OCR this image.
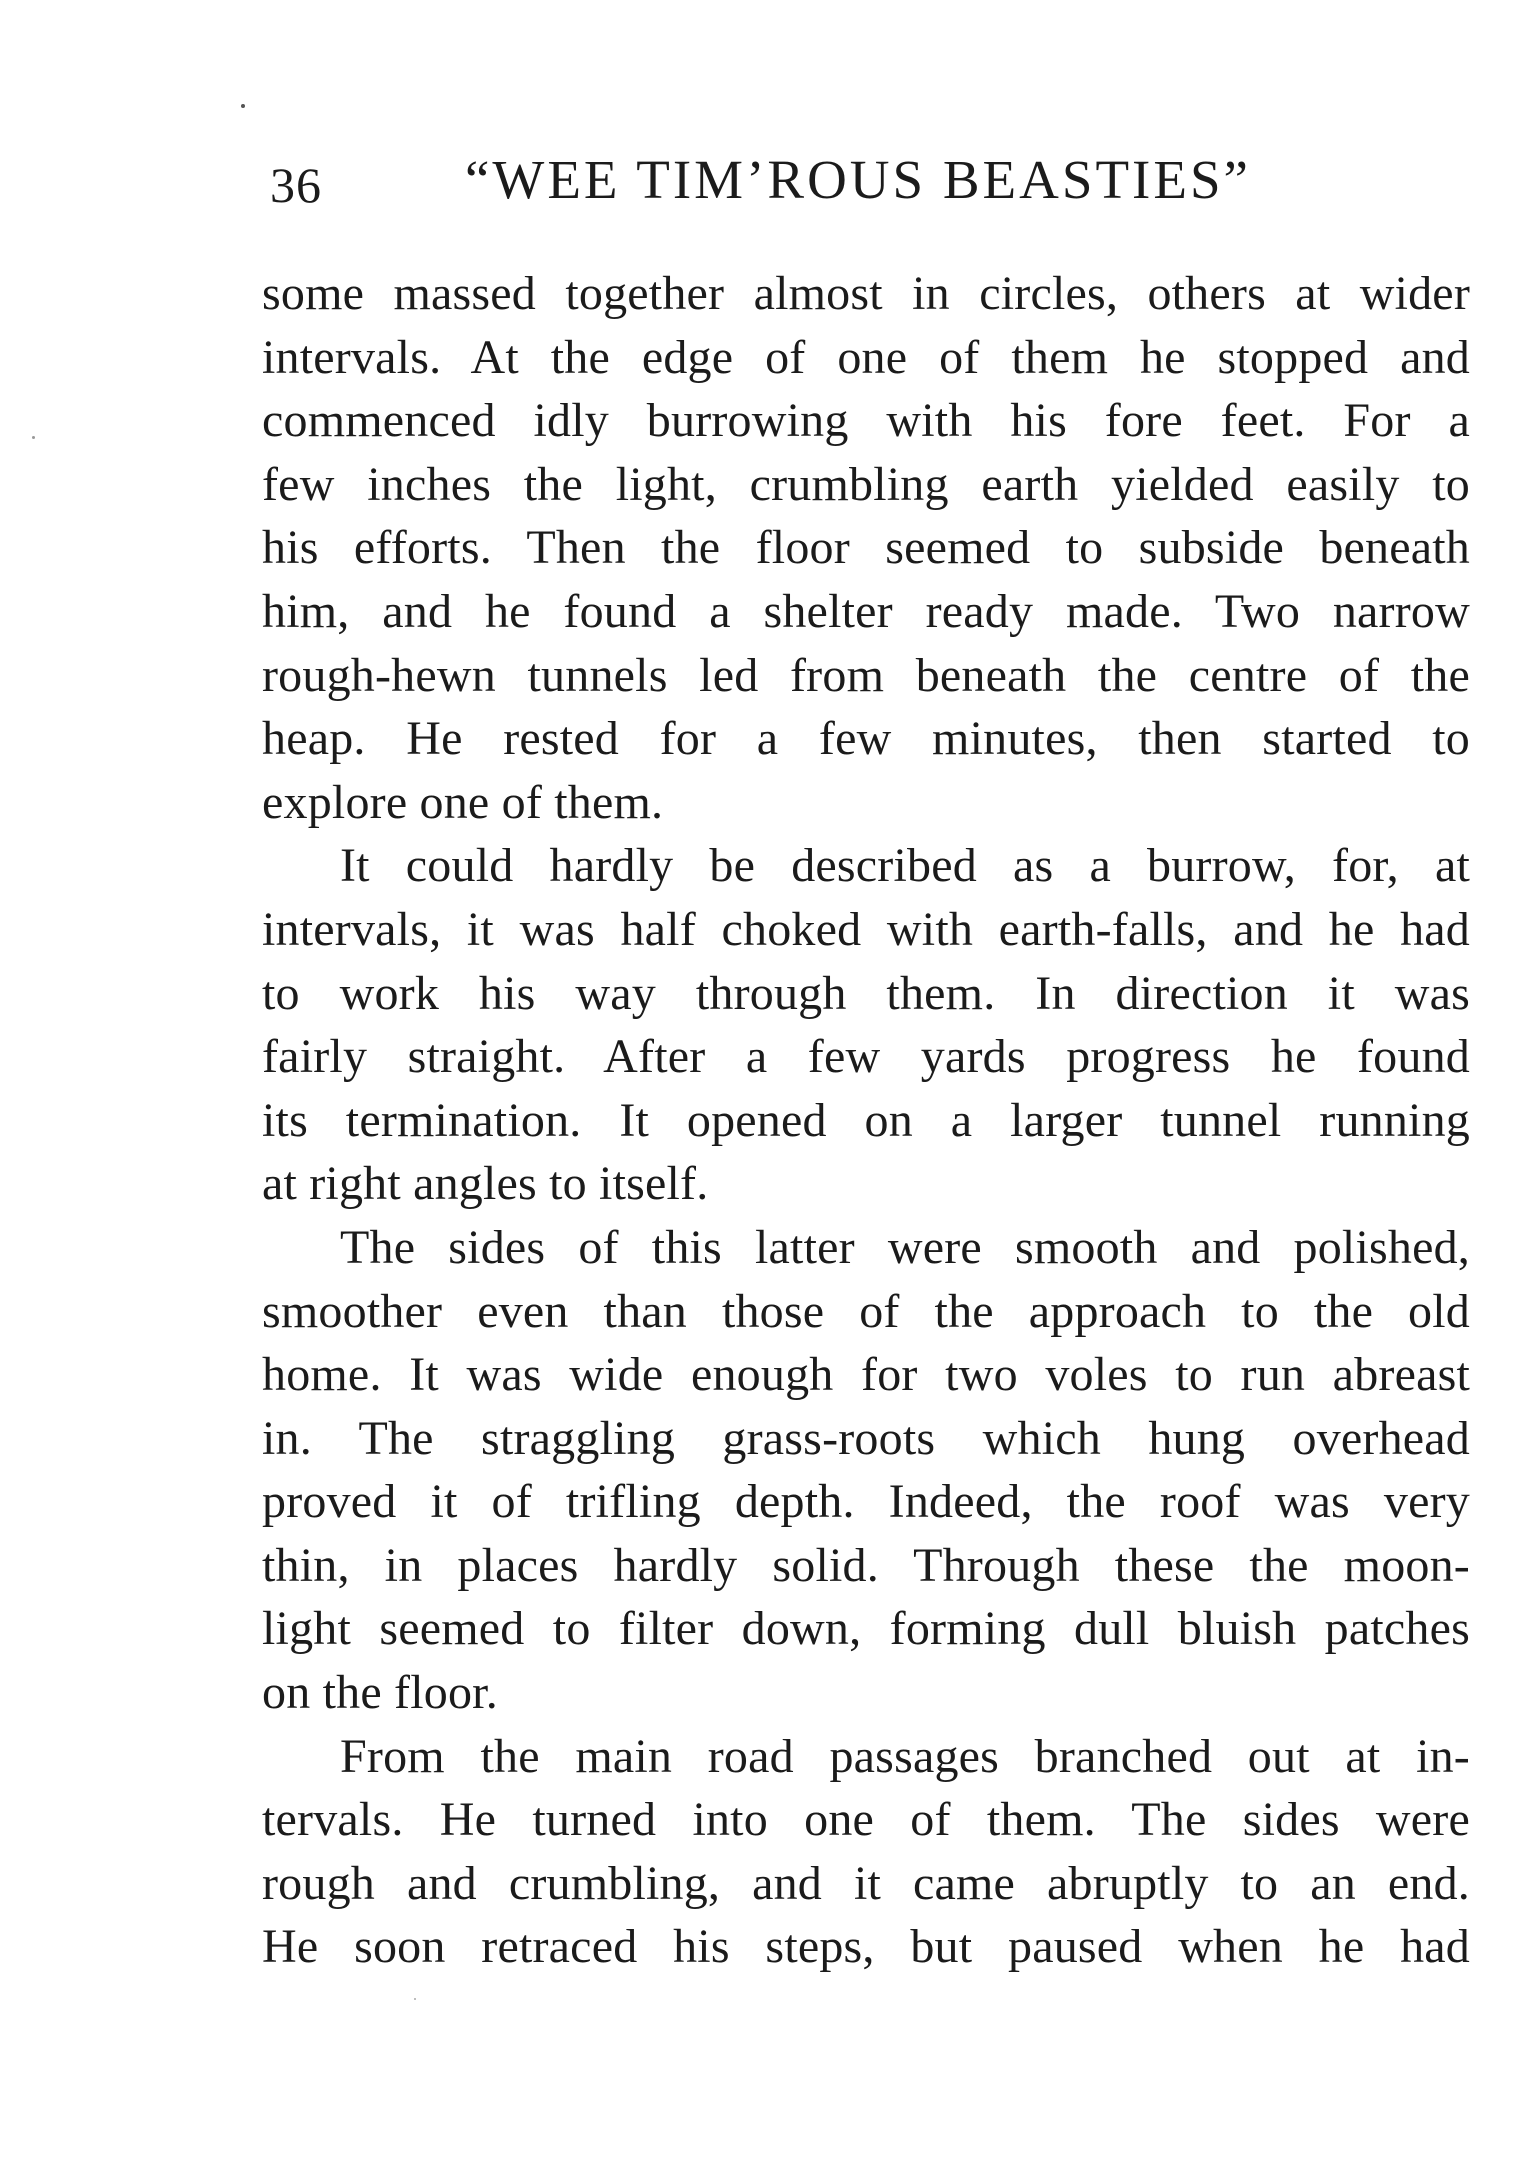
36	“WEE TIM’ROUS BEASTIES”
some massed together almost in circles, others at wider
intervals. At the edge of one of them he stopped and
commenced idly burrowing with his fore feet. For a
few inches the light, crumbling earth yielded easily to
his efforts. Then the floor seemed to subside beneath
him, and he found a shelter ready made. Two narrow
rough-hewn tunnels led from beneath the centre of the
heap. He rested for a few minutes, then started to
explore one of them.
It could hardly be described as a burrow, for, at
intervals, it was half choked with earth-falls, and he had
to work his way through them. In direction it was
fairly straight. After a few yards progress he found
its termination. It opened on a larger tunnel running
at right angles to itself.
The sides of this latter were smooth and polished,
smoother even than those of the approach to the old
home. It was wide enough for two voles to run abreast
in. The straggling grass-roots which hung overhead
proved it of trifling depth. Indeed, the roof was very
thin, in places hardly solid. Through these the moon-
light seemed to filter down, forming dull bluish patches
on the floor.
From the main road passages branched out at in-
tervals. He turned into one of them. The sides were
rough and crumbling, and it came abruptly to an end.
He soon retraced his steps, but paused when he had
